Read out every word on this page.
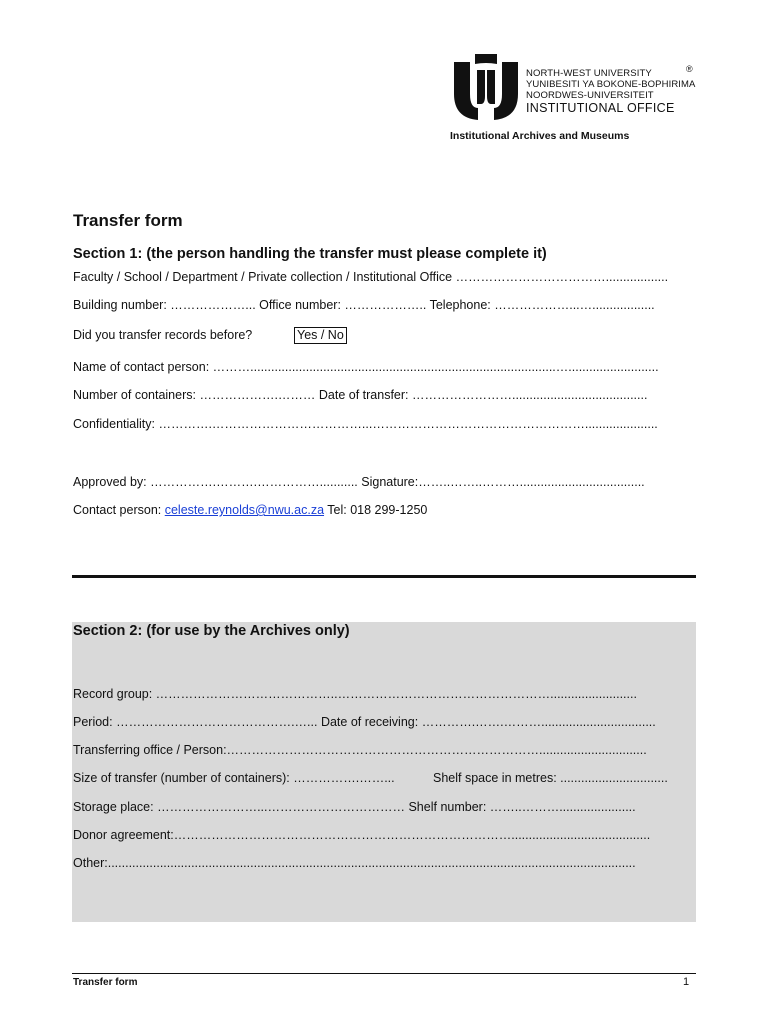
NORTH-WEST UNIVERSITY
YUNIBESITI YA BOKONE-BOPHIRIMA
NOORDWES-UNIVERSITEIT
INSTITUTIONAL OFFICE
®
Institutional Archives and Museums
Transfer form
Section 1: (the person handling the transfer must please complete it)
Faculty / School / Department / Private collection / Institutional Office ………………………………..................
Building number: ………………... Office number: ……………….. Telephone: ………………...…..................
Did you transfer records before?	Yes / No
Name of contact person: ………........................................................................................…..........................
Number of containers: ……………….……… Date of transfer: …………………….......................................
Confidentiality: ………….………………………………...…………………………………………….....................
Approved by: …………….……….……………........... Signature:……..……..………....................................
Contact person: celeste.reynolds@nwu.ac.za Tel: 018 299-1250
Section 2: (for use by the Archives only)
Record group: ……………………………………..…………………………………………….........................
Period: …………………………………….…... Date of receiving: ………….…….……….................................
Transferring office / Person:…………………………………………………………………...............................
Size of transfer (number of containers): …………….……...	Shelf space in metres: ...............................
Storage place: ……………………...…………………………… Shelf number: ……..………......................
Donor agreement:………………………………………………………………………........................................
Other:........................................................................................................................................................
Transfer form	1
